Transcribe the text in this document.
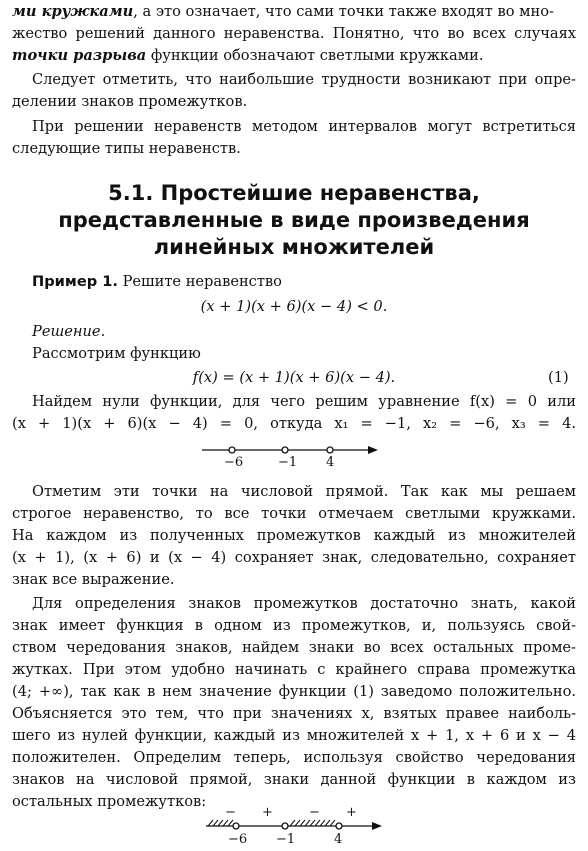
ми кружками, а это означает, что сами точки также входят во мно-
жество решений данного неравенства. Понятно, что во всех случаях
точки разрыва функции обозначают светлыми кружками.
Следует отметить, что наибольшие трудности возникают при опре-
делении знаков промежутков.
При решении неравенств методом интервалов могут встретиться
следующие типы неравенств.
5.1. Простейшие неравенства,
представленные в виде произведения
линейных множителей
Пример 1. Решите неравенство
(x + 1)(x + 6)(x − 4) < 0.
Решение.
Рассмотрим функцию
f(x) = (x + 1)(x + 6)(x − 4).	(1)
Найдем нули функции, для чего решим уравнение f(x) = 0 или
(x + 1)(x + 6)(x − 4) = 0, откуда x₁ = −1, x₂ = −6, x₃ = 4.
−6	−1 4
Отметим эти точки на числовой прямой. Так как мы решаем
строгое неравенство, то все точки отмечаем светлыми кружками.
На каждом из полученных промежутков каждый из множителей
(x + 1), (x + 6) и (x − 4) сохраняет знак, следовательно, сохраняет
знак все выражение.
Для определения знаков промежутков достаточно знать, какой
знак имеет функция в одном из промежутков, и, пользуясь свой-
ством чередования знаков, найдем знаки во всех остальных проме-
жутках. При этом удобно начинать с крайнего справа промежутка
(4; +∞), так как в нем значение функции (1) заведомо положительно.
Объясняется это тем, что при значениях x, взятых правее наиболь-
шего из нулей функции, каждый из множителей x + 1, x + 6 и x − 4
положителен. Определим теперь, используя свойство чередования
знаков на числовой прямой, знаки данной функции в каждом из
остальных промежутков:
− +	− +
−6 −1	4
